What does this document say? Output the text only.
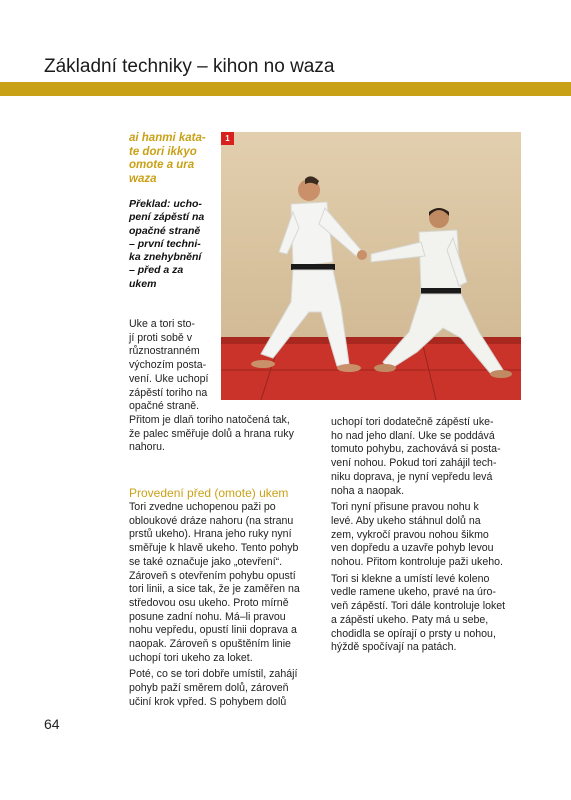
Základní techniky – kihon no waza
ai hanmi kata-
te dori ikkyo
omote a ura
waza
Překlad: ucho-
pení zápěstí na
opačné straně
– první techni-
ka znehybnění
– před a za
ukem
1
Uke a tori sto-
jí proti sobě v
různostranném
výchozím posta-
vení. Uke uchopí
zápěstí toriho na
opačné straně.
Přitom je dlaň toriho natočená tak,
že palec směřuje dolů a hrana ruky
nahoru.
Provedení před (omote) ukem

Tori zvedne uchopenou paži po
obloukové dráze nahoru (na stranu
prstů ukeho). Hrana jeho ruky nyní
směřuje k hlavě ukeho. Tento pohyb
se také označuje jako „otevření“.
Zároveň s otevřením pohybu opustí
tori linii, a sice tak, že je zaměřen na
středovou osu ukeho. Proto mírně
posune zadní nohu. Má–li pravou
nohu vepředu, opustí linii doprava a
naopak. Zároveň s opuštěním linie
uchopí tori ukeho za loket.

Poté, co se tori dobře umístil, zahájí
pohyb paží směrem dolů, zároveň
učiní krok vpřed. S pohybem dolů

uchopí tori dodatečně zápěstí uke-
ho nad jeho dlaní. Uke se poddává
tomuto pohybu, zachovává si posta-
vení nohou. Pokud tori zahájil tech-
niku doprava, je nyní vepředu levá
noha a naopak.

Tori nyní přisune pravou nohu k
levé. Aby ukeho stáhnul dolů na
zem, vykročí pravou nohou šikmo
ven dopředu a uzavře pohyb levou
nohou. Přitom kontroluje paži ukeho.

Tori si klekne a umístí levé koleno
vedle ramene ukeho, pravé na úro-
veň zápěstí. Tori dále kontroluje loket
a zápěstí ukeho. Paty má u sebe,
chodidla se opírají o prsty u nohou,
hýždě spočívají na patách.

64
